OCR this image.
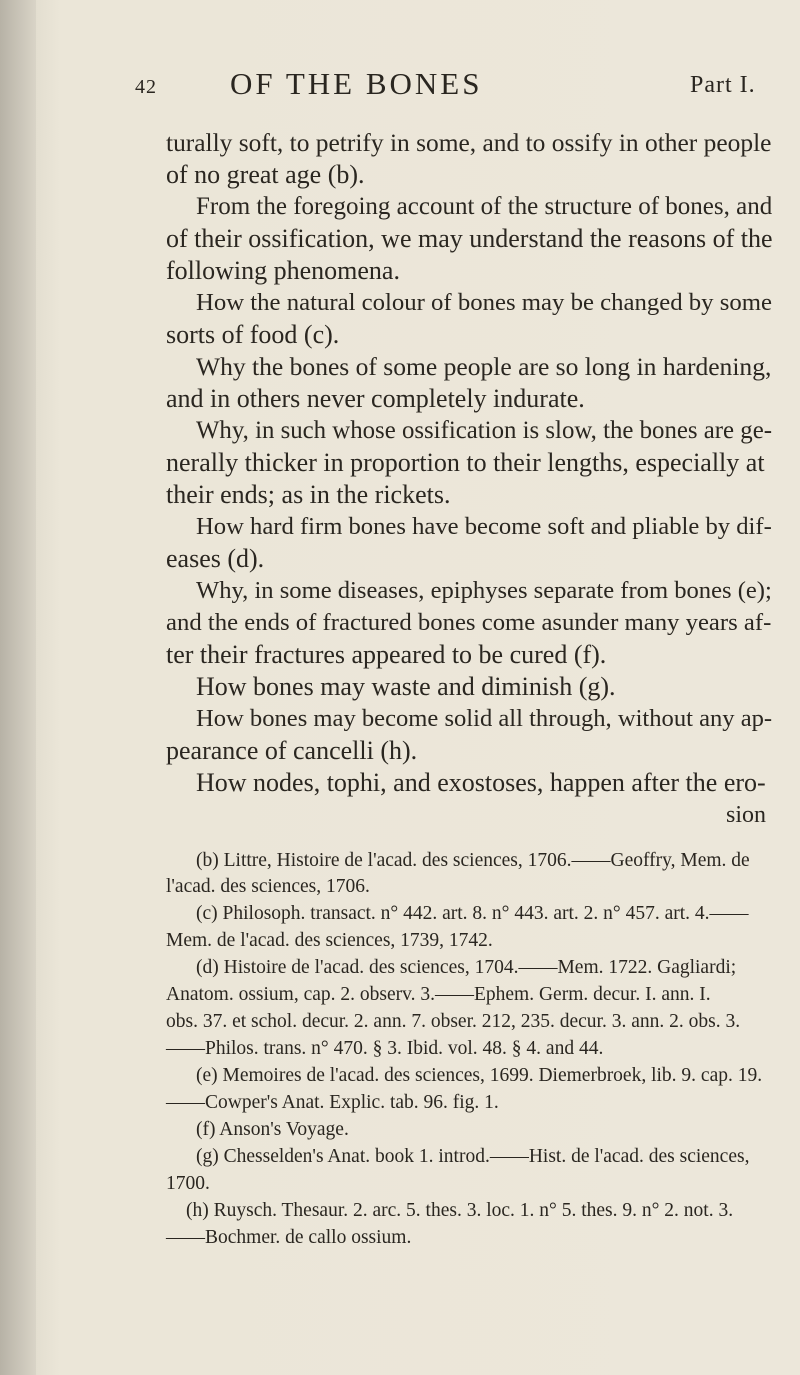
42 OF THE BONES	Part I.
turally soft, to petrify in some, and to ossify in other people
of no great age (b).
From the foregoing account of the structure of bones, and
of their ossification, we may understand the reasons of the
following phenomena.
How the natural colour of bones may be changed by some
sorts of food (c).
Why the bones of some people are so long in hardening,
and in others never completely indurate.
Why, in such whose ossification is slow, the bones are ge-
nerally thicker in proportion to their lengths, especially at
their ends; as in the rickets.
How hard firm bones have become soft and pliable by dif-
eases (d).
Why, in some diseases, epiphyses separate from bones (e);
and the ends of fractured bones come asunder many years af-
ter their fractures appeared to be cured (f).
How bones may waste and diminish (g).
How bones may become solid all through, without any ap-
pearance of cancelli (h).
How nodes, tophi, and exostoses, happen after the ero-
sion
(b) Littre, Histoire de l'acad. des sciences, 1706.——Geoffry, Mem. de
l'acad. des sciences, 1706.
(c) Philosoph. transact. n° 442. art. 8. n° 443. art. 2. n° 457. art. 4.——
Mem. de l'acad. des sciences, 1739, 1742.
(d) Histoire de l'acad. des sciences, 1704.——Mem. 1722. Gagliardi;
Anatom. ossium, cap. 2. observ. 3.——Ephem. Germ. decur. I. ann. I.
obs. 37. et schol. decur. 2. ann. 7. obser. 212, 235. decur. 3. ann. 2. obs. 3.
——Philos. trans. n° 470. § 3. Ibid. vol. 48. § 4. and 44.
(e) Memoires de l'acad. des sciences, 1699. Diemerbroek, lib. 9. cap. 19.
——Cowper's Anat. Explic. tab. 96. fig. 1.
(f) Anson's Voyage.
(g) Chesselden's Anat. book 1. introd.——Hist. de l'acad. des sciences,
1700.
(h) Ruysch. Thesaur. 2. arc. 5. thes. 3. loc. 1. n° 5. thes. 9. n° 2. not. 3.
——Bochmer. de callo ossium.
